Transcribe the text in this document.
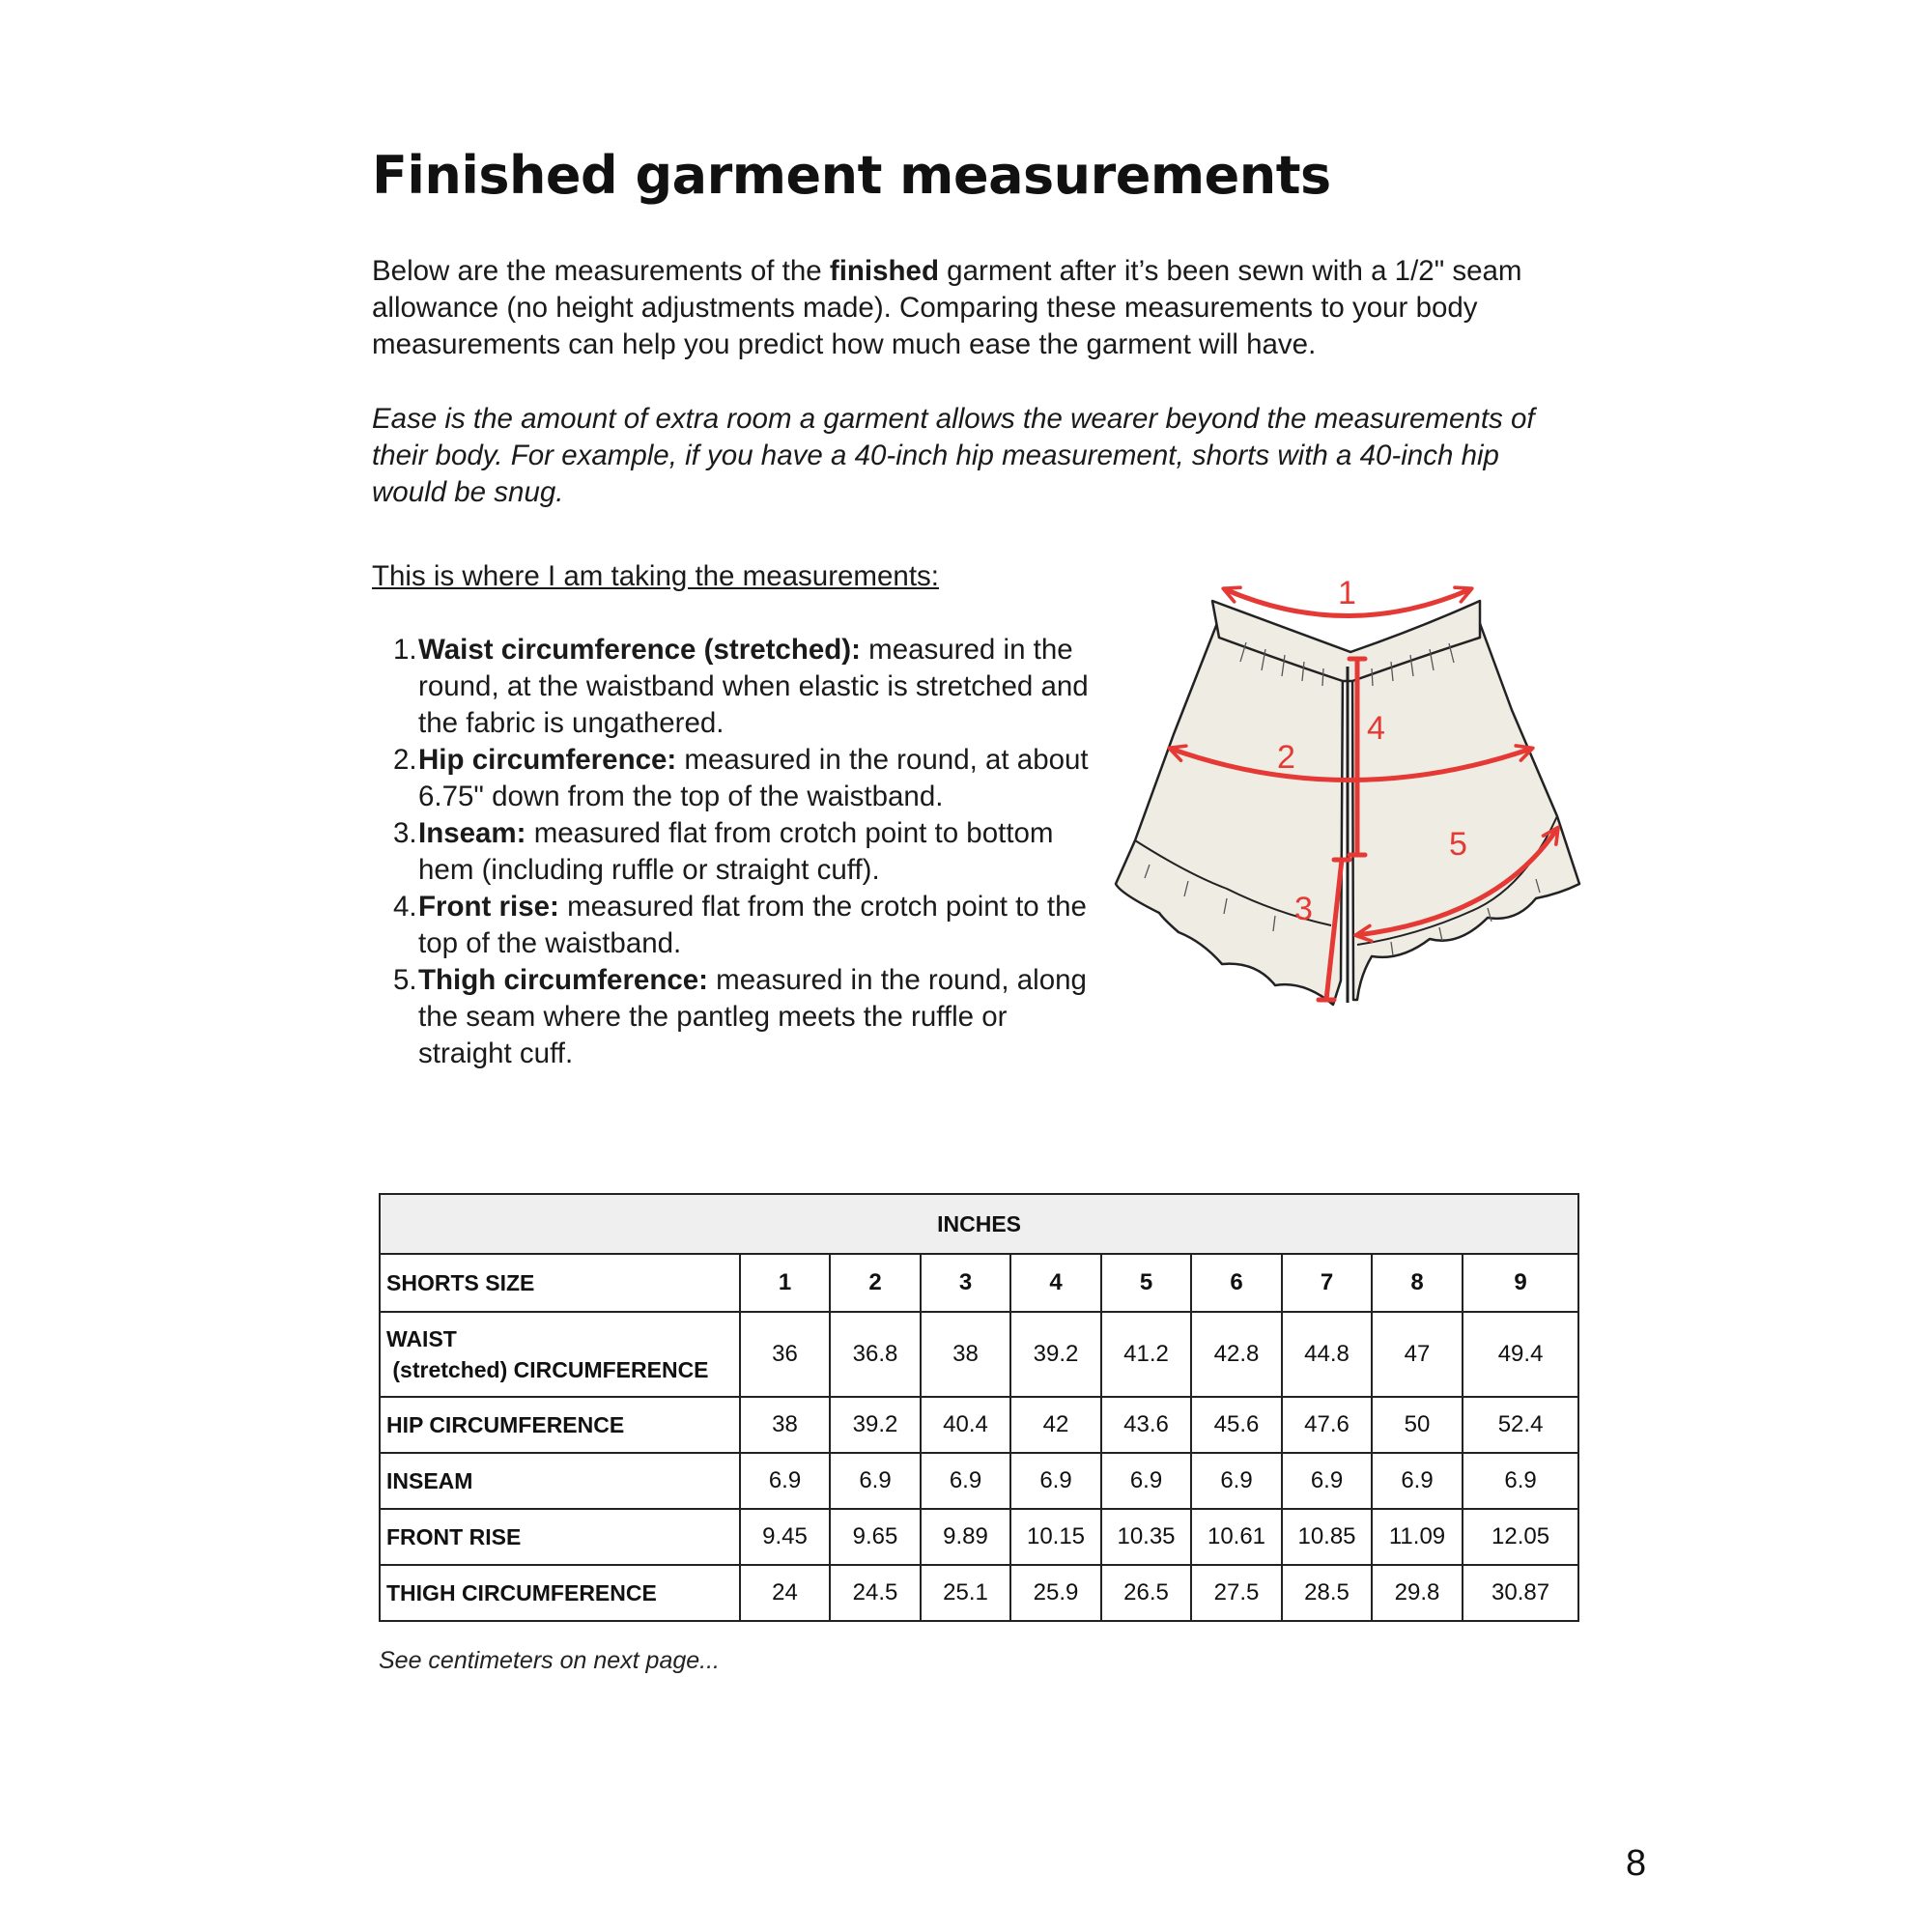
Finished garment measurements

Below are the measurements of the finished garment after it’s been sewn with a 1/2" seam allowance (no height adjustments made). Comparing these measurements to your body measurements can help you predict how much ease the garment will have.

Ease is the amount of extra room a garment allows the wearer beyond the measurements of their body. For example, if you have a 40-inch hip measurement, shorts with a 40-inch hip would be snug.

This is where I am taking the measurements:

1. Waist circumference (stretched): measured in the round, at the waistband when elastic is stretched and the fabric is ungathered.
2. Hip circumference: measured in the round, at about 6.75" down from the top of the waistband.
3. Inseam: measured flat from crotch point to bottom hem (including ruffle or straight cuff).
4. Front rise: measured flat from the crotch point to the top of the waistband.
5. Thigh circumference: measured in the round, along the seam where the pantleg meets the ruffle or straight cuff.
1
2
3
4
5
INCHES									
SHORTS SIZE	1	2	3	4	5	6	7	8	9
WAIST
(stretched) CIRCUMFERENCE	36	36.8	38	39.2	41.2	42.8	44.8	47	49.4
HIP CIRCUMFERENCE	38	39.2	40.4	42	43.6	45.6	47.6	50	52.4
INSEAM	6.9	6.9	6.9	6.9	6.9	6.9	6.9	6.9	6.9
FRONT RISE	9.45	9.65	9.89	10.15	10.35	10.61	10.85	11.09	12.05
THIGH CIRCUMFERENCE	24	24.5	25.1	25.9	26.5	27.5	28.5	29.8	30.87

See centimeters on next page...

8
